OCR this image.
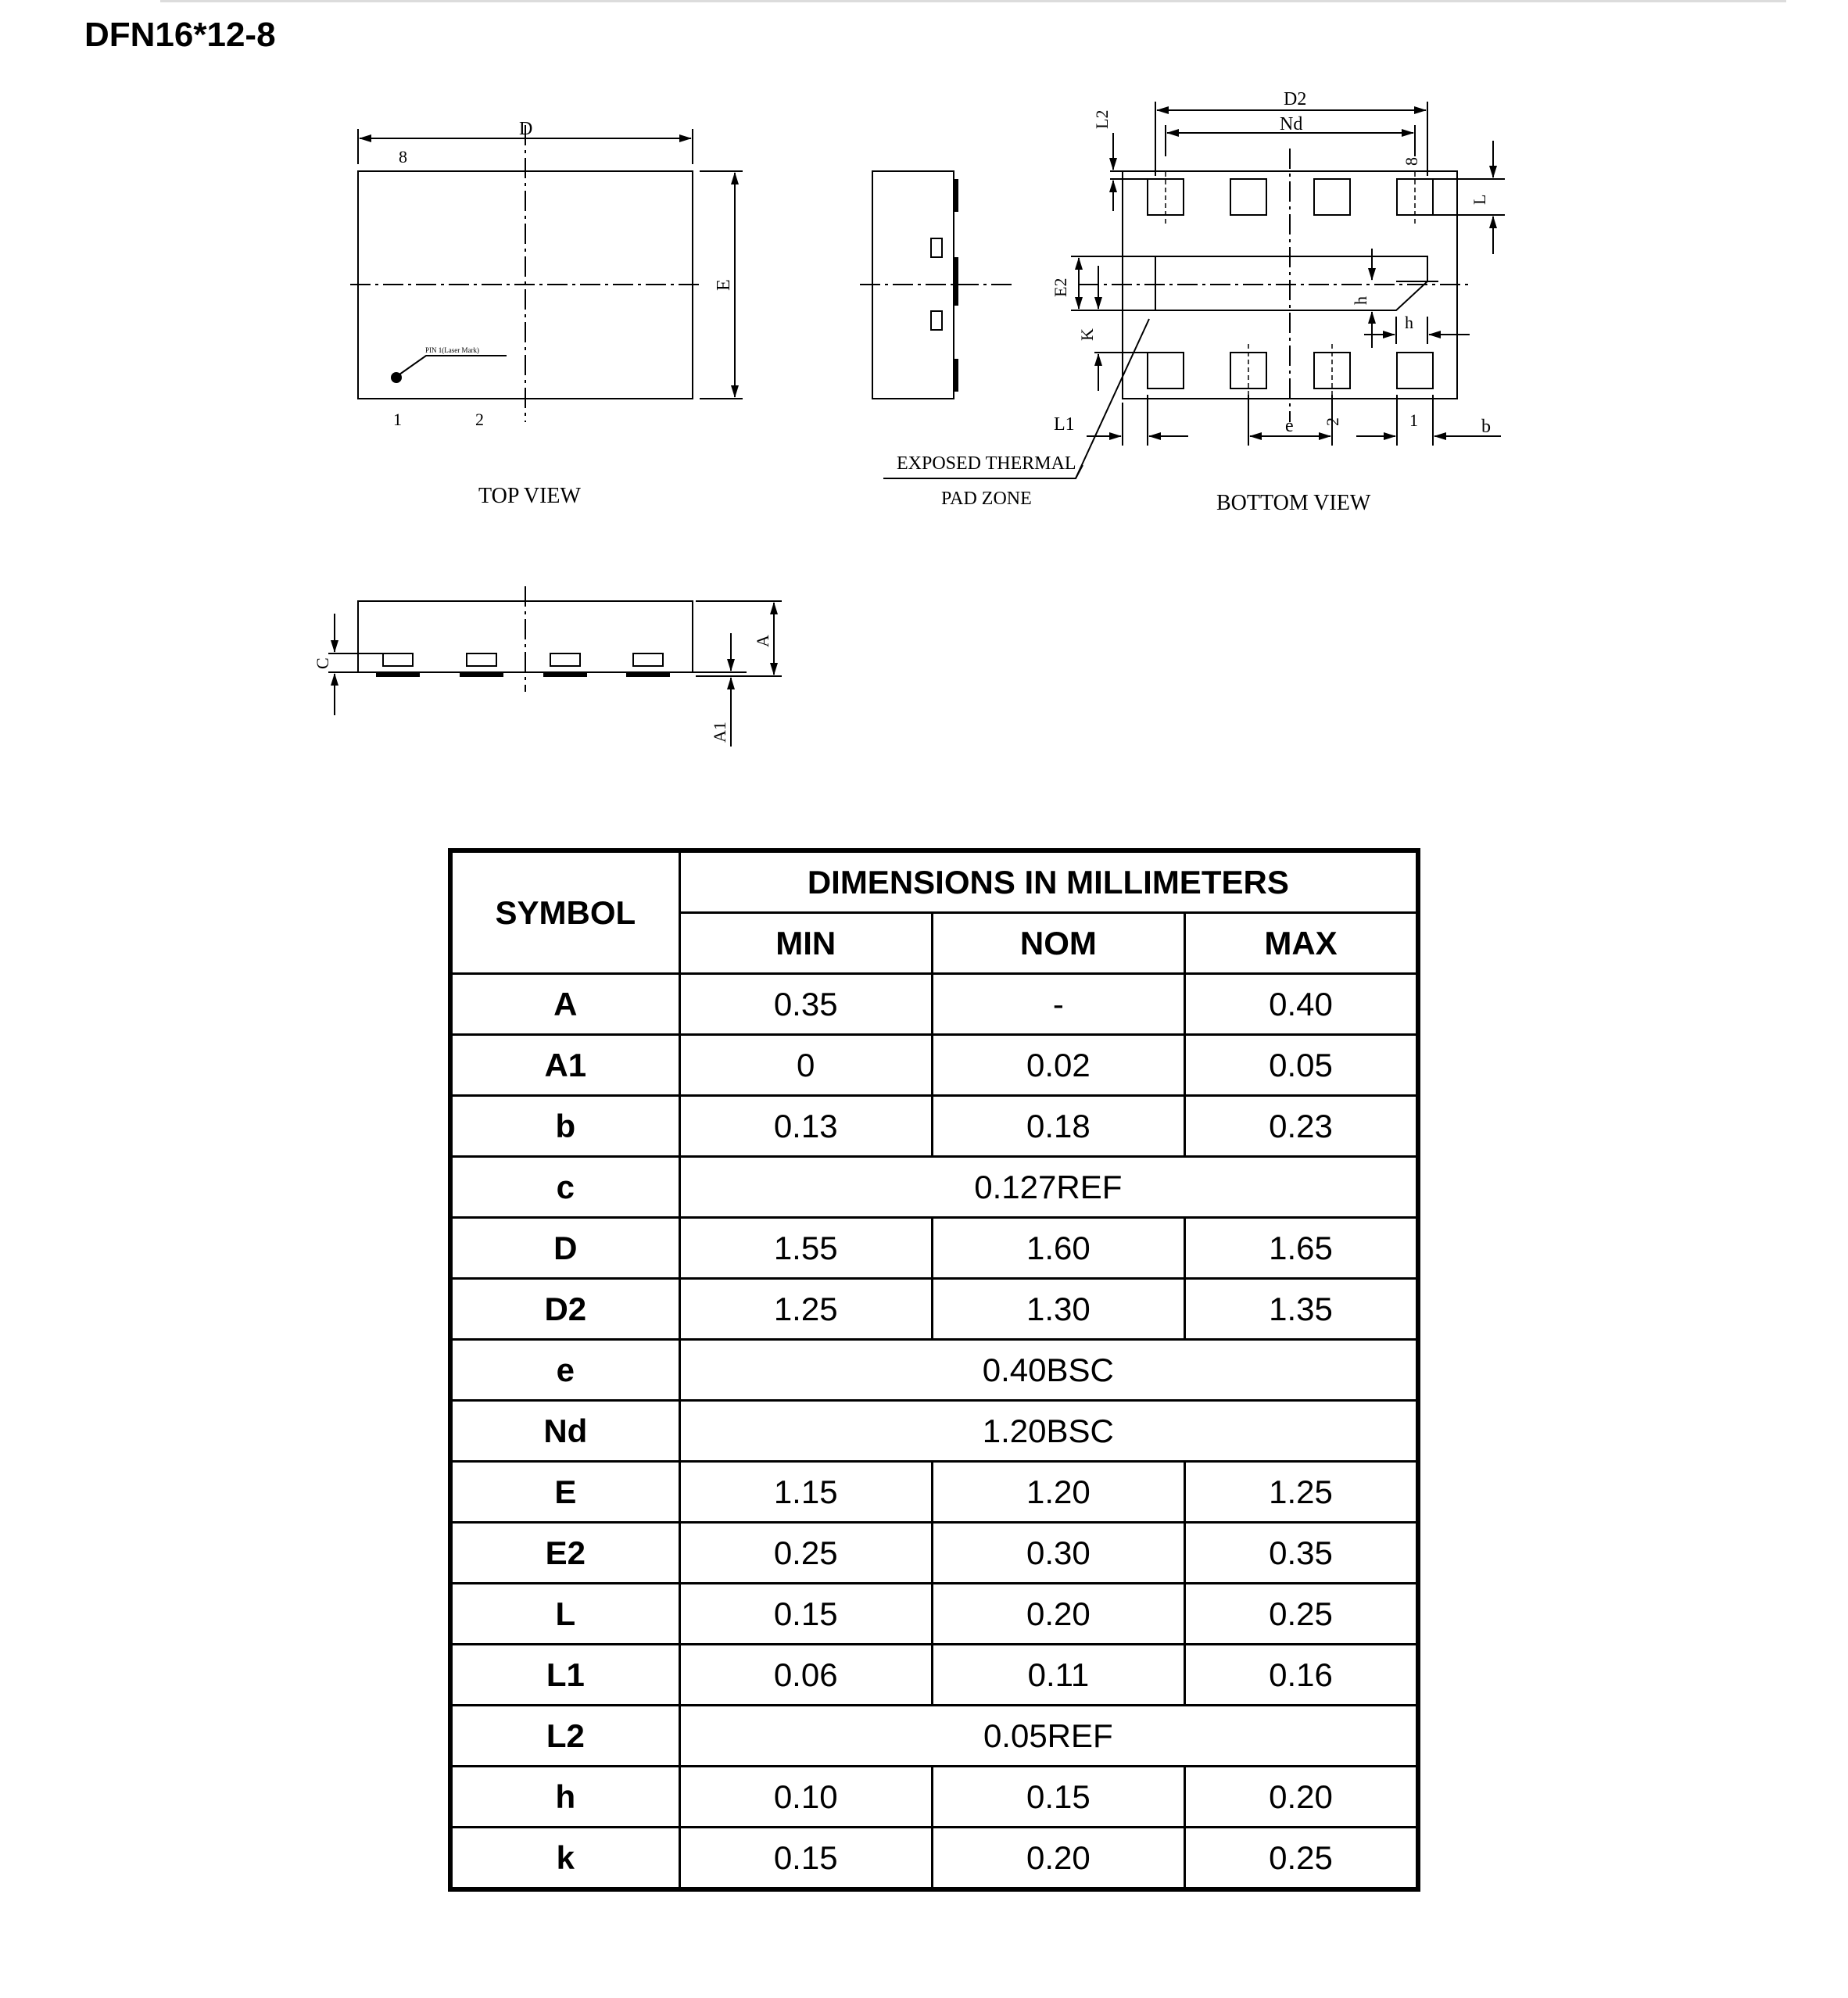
DFN16*12-8
D
E
8
1	2
PIN 1(Laser Mark)
TOP VIEW
D2
Nd
L2
L
E2
K
h
h
8
2	1
L1	e	b
EXPOSED THERMAL
PAD ZONE	BOTTOM VIEW
C
A
A1
SYMBOL	DIMENSIONS IN MILLIMETERS		
	MIN	NOM	MAX
A	0.35	-	0.40
A1	0	0.02	0.05
b	0.13	0.18	0.23
c	0.127REF		
D	1.55	1.60	1.65
D2	1.25	1.30	1.35
e	0.40BSC		
Nd	1.20BSC		
E	1.15	1.20	1.25
E2	0.25	0.30	0.35
L	0.15	0.20	0.25
L1	0.06	0.11	0.16
L2	0.05REF		
h	0.10	0.15	0.20
k	0.15	0.20	0.25
